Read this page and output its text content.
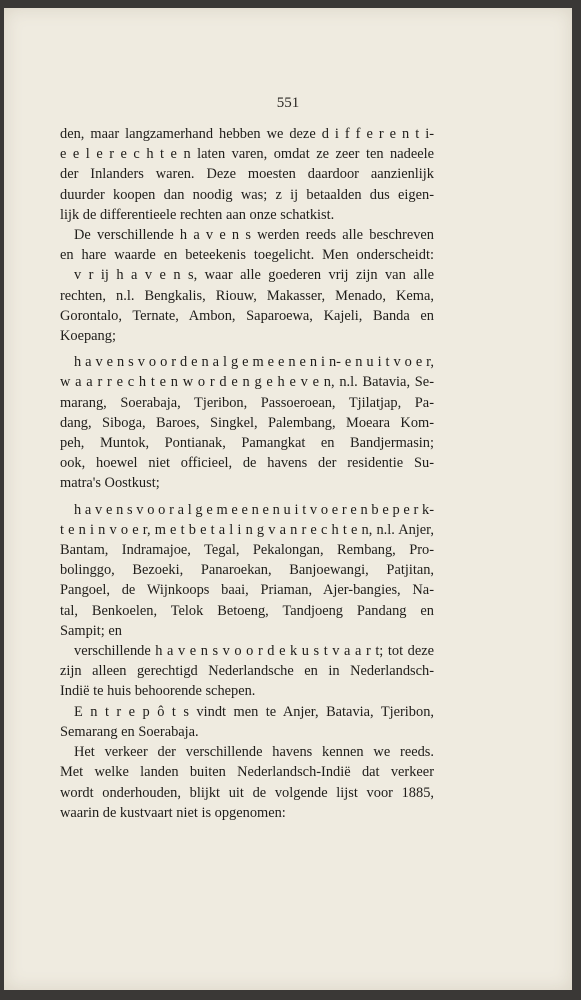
551
den, maar langzamerhand hebben we deze d i f f e r e n t i-
e e l e r e c h t e n laten varen, omdat ze zeer ten nadeele
der Inlanders waren. Deze moesten daardoor aanzienlijk
duurder koopen dan noodig was; z ij betaalden dus eigen-
lijk de differentieele rechten aan onze schatkist.
De verschillende h a v e n s werden reeds alle beschreven
en hare waarde en beteekenis toegelicht. Men onderscheidt:
v r ij h a v e n s, waar alle goederen vrij zijn van alle
rechten, n.l. Bengkalis, Riouw, Makasser, Menado, Kema,
Gorontalo, Ternate, Ambon, Saparoewa, Kajeli, Banda en
Koepang;
h a v e n s v o o r d e n a l g e m e e n e n i n- e n u i t v o e r,
w a a r r e c h t e n w o r d e n g e h e v e n, n.l. Batavia, Se-
marang, Soerabaja, Tjeribon, Passoeroean, Tjilatjap, Pa-
dang, Siboga, Baroes, Singkel, Palembang, Moeara Kom-
peh, Muntok, Pontianak, Pamangkat en Bandjermasin;
ook, hoewel niet officieel, de havens der residentie Su-
matra's Oostkust;
h a v e n s v o o r a l g e m e e n e n u i t v o e r e n b e p e r k-
t e n i n v o e r, m e t b e t a l i n g v a n r e c h t e n, n.l. Anjer,
Bantam, Indramajoe, Tegal, Pekalongan, Rembang, Pro-
bolinggo, Bezoeki, Panaroekan, Banjoewangi, Patjitan,
Pangoel, de Wijnkoops baai, Priaman, Ajer-bangies, Na-
tal, Benkoelen, Telok Betoeng, Tandjoeng Pandang en
Sampit; en
verschillende h a v e n s v o o r d e k u s t v a a r t; tot deze
zijn alleen gerechtigd Nederlandsche en in Nederlandsch-
Indië te huis behoorende schepen.
E n t r e p ô t s vindt men te Anjer, Batavia, Tjeribon,
Semarang en Soerabaja.
Het verkeer der verschillende havens kennen we reeds.
Met welke landen buiten Nederlandsch-Indië dat verkeer
wordt onderhouden, blijkt uit de volgende lijst voor 1885,
waarin de kustvaart niet is opgenomen:
